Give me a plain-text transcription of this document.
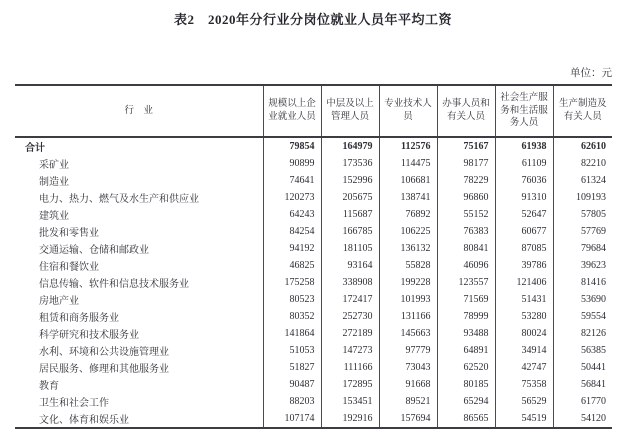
表2　2020年分行业分岗位就业人员年平均工资
单位：元
行　业	规模以上企业就业人员	中层及以上管理人员	专业技术人员	办事人员和有关人员	社会生产服务和生活服务人员	生产制造及有关人员
合计	79854	164979	112576	75167	61938	62610
采矿业	90899	173536	114475	98177	61109	82210
制造业	74641	152996	106681	78229	76036	61324
电力、热力、燃气及水生产和供应业	120273	205675	138741	96860	91310	109193
建筑业	64243	115687	76892	55152	52647	57805
批发和零售业	84254	166785	106225	76383	60677	57769
交通运输、仓储和邮政业	94192	181105	136132	80841	87085	79684
住宿和餐饮业	46825	93164	55828	46096	39786	39623
信息传输、软件和信息技术服务业	175258	338908	199228	123557	121406	81416
房地产业	80523	172417	101993	71569	51431	53690
租赁和商务服务业	80352	252730	131166	78999	53280	59554
科学研究和技术服务业	141864	272189	145663	93488	80024	82126
水利、环境和公共设施管理业	51053	147273	97779	64891	34914	56385
居民服务、修理和其他服务业	51827	111166	73043	62520	42747	50441
教育	90487	172895	91668	80185	75358	56841
卫生和社会工作	88203	153451	89521	65294	56529	61770
文化、体育和娱乐业	107174	192916	157694	86565	54519	54120
